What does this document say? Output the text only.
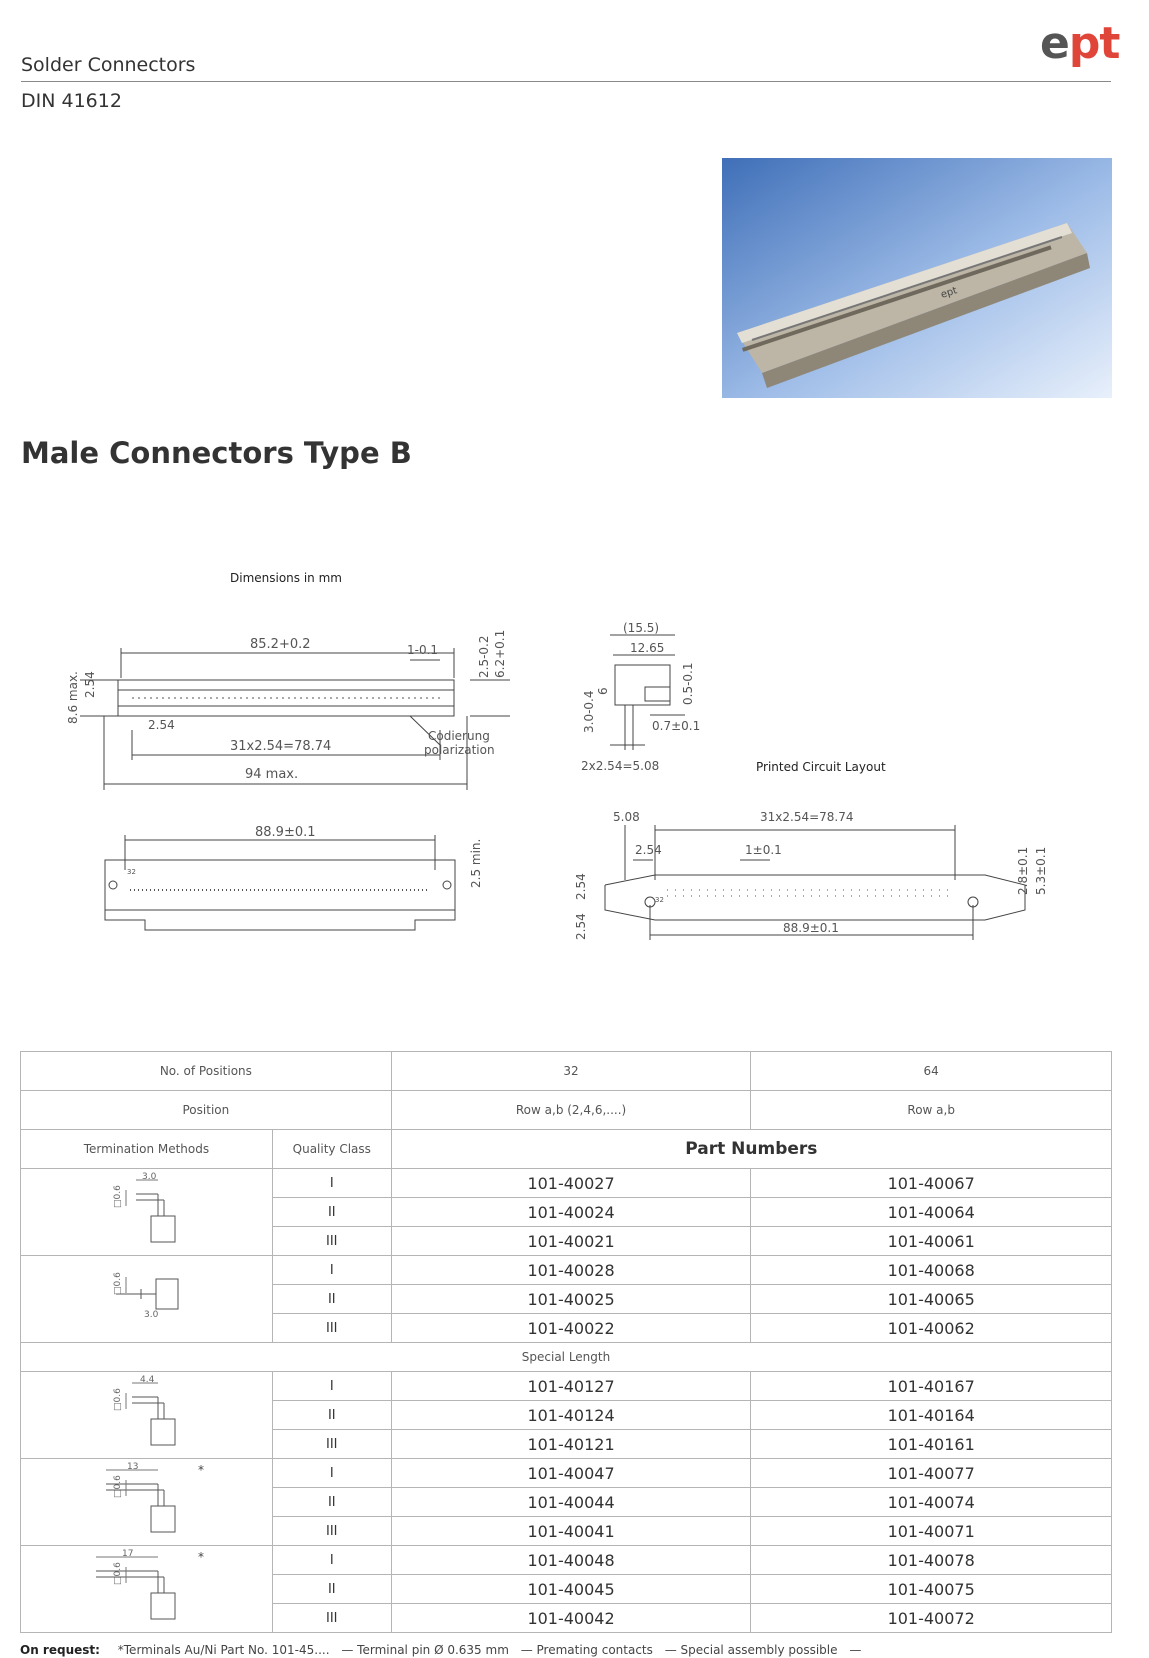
Solder Connectors
DIN 41612
ept
ept
Male Connectors Type B
Dimensions in mm
Printed Circuit Layout
85.2+0.2	1-0.1
8.6 max. 2.54
2.54
31x2.54=78.74
94 max.
2.5-0.2 6.2+0.1
Codierung
polarization
(15.5)
12.65
3.0-0.4 6	0.5-0.1
0.7±0.1
2x2.54=5.08
88.9±0.1
2.5 min.
32
5.08	31x2.54=78.74
2.54	1±0.1
2.54
2.54	88.9±0.1
2.8±0.1 5.3±0.1
32
No. of Positions		32	64
Position		Row a,b (2,4,6,....)	Row a,b
Termination Methods	Quality Class	Part Numbers	

3.0
□0.6	I	101-40027	101-40067
	II	101-40024	101-40064
	III	101-40021	101-40061

3.0
□0.6	I	101-40028	101-40068
	II	101-40025	101-40065
	III	101-40022	101-40062
Special Length			

4.4
□0.6	I	101-40127	101-40167
	II	101-40124	101-40164
	III	101-40121	101-40161

13
□0.6
*	I	101-40047	101-40077
	II	101-40044	101-40074
	III	101-40041	101-40071

17
□0.6
*	I	101-40048	101-40078
	II	101-40045	101-40075
	III	101-40042	101-40072
On request: *Terminals Au/Ni Part No. 101-45.... — Terminal pin Ø 0.635 mm — Premating contacts — Special assembly possible —
